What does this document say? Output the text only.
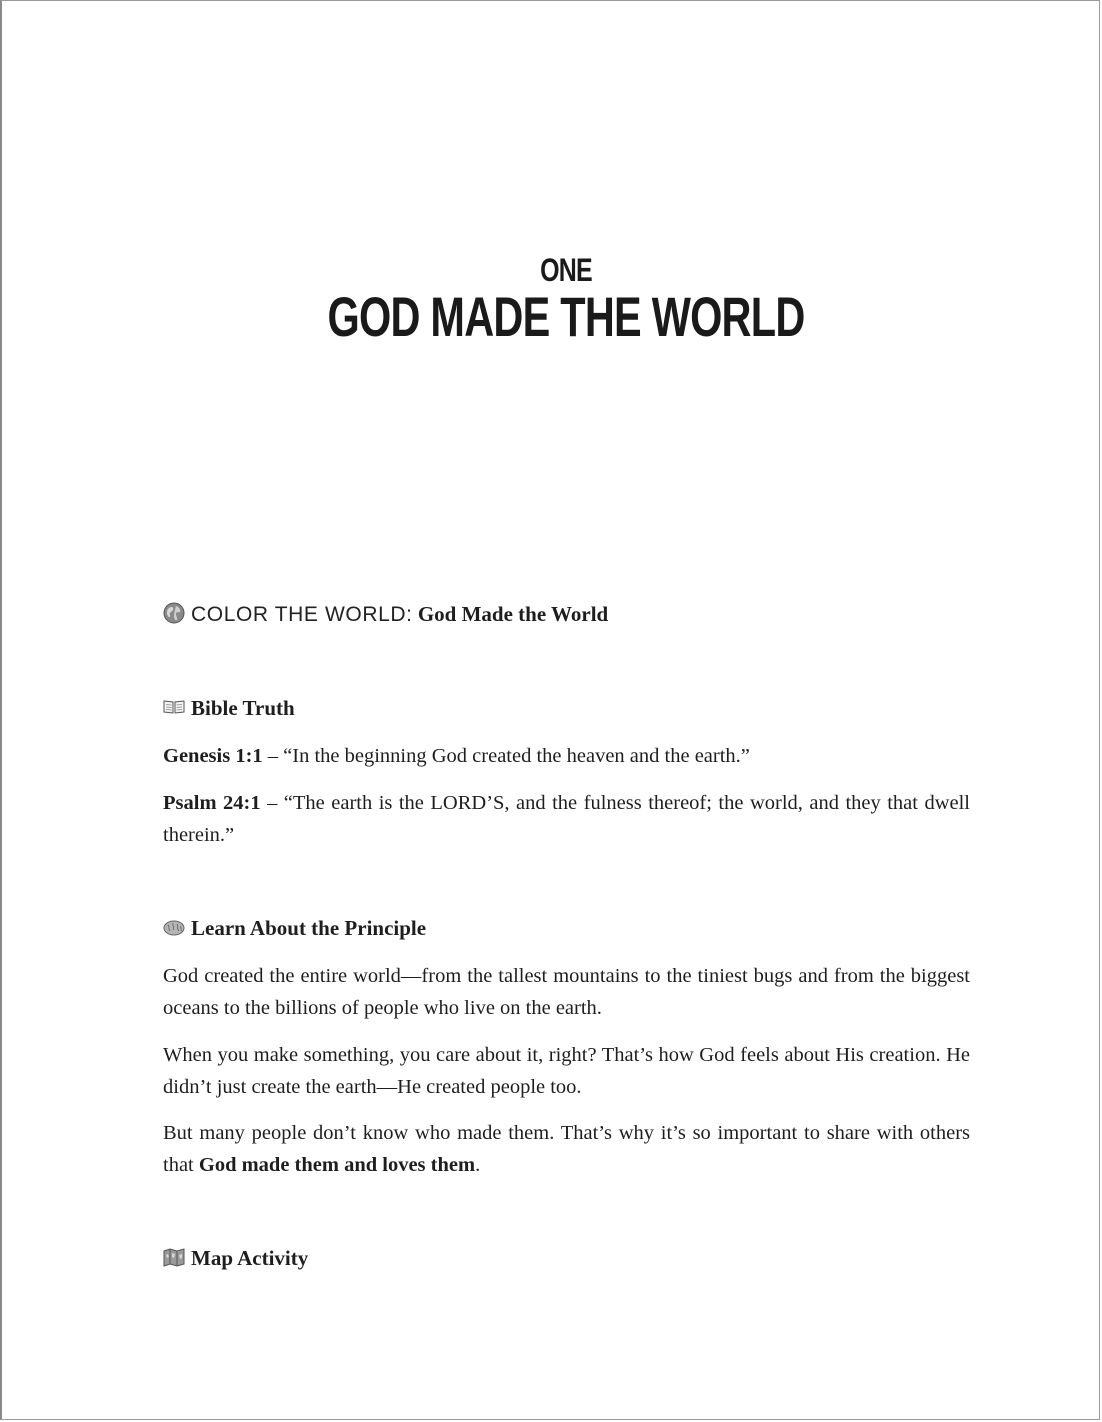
ONE
GOD MADE THE WORLD
COLOR THE WORLD: God Made the World
Bible Truth

Genesis 1:1 – “In the beginning God created the heaven and the earth.”

Psalm 24:1 – “The earth is the LORD’S, and the fulness thereof; the world, and they that dwell therein.”

Learn About the Principle

God created the entire world—from the tallest mountains to the tiniest bugs and from the biggest oceans to the billions of people who live on the earth.

When you make something, you care about it, right? That’s how God feels about His creation. He didn’t just create the earth—He created people too.

But many people don’t know who made them. That’s why it’s so important to share with others that God made them and loves them.

Map Activity
